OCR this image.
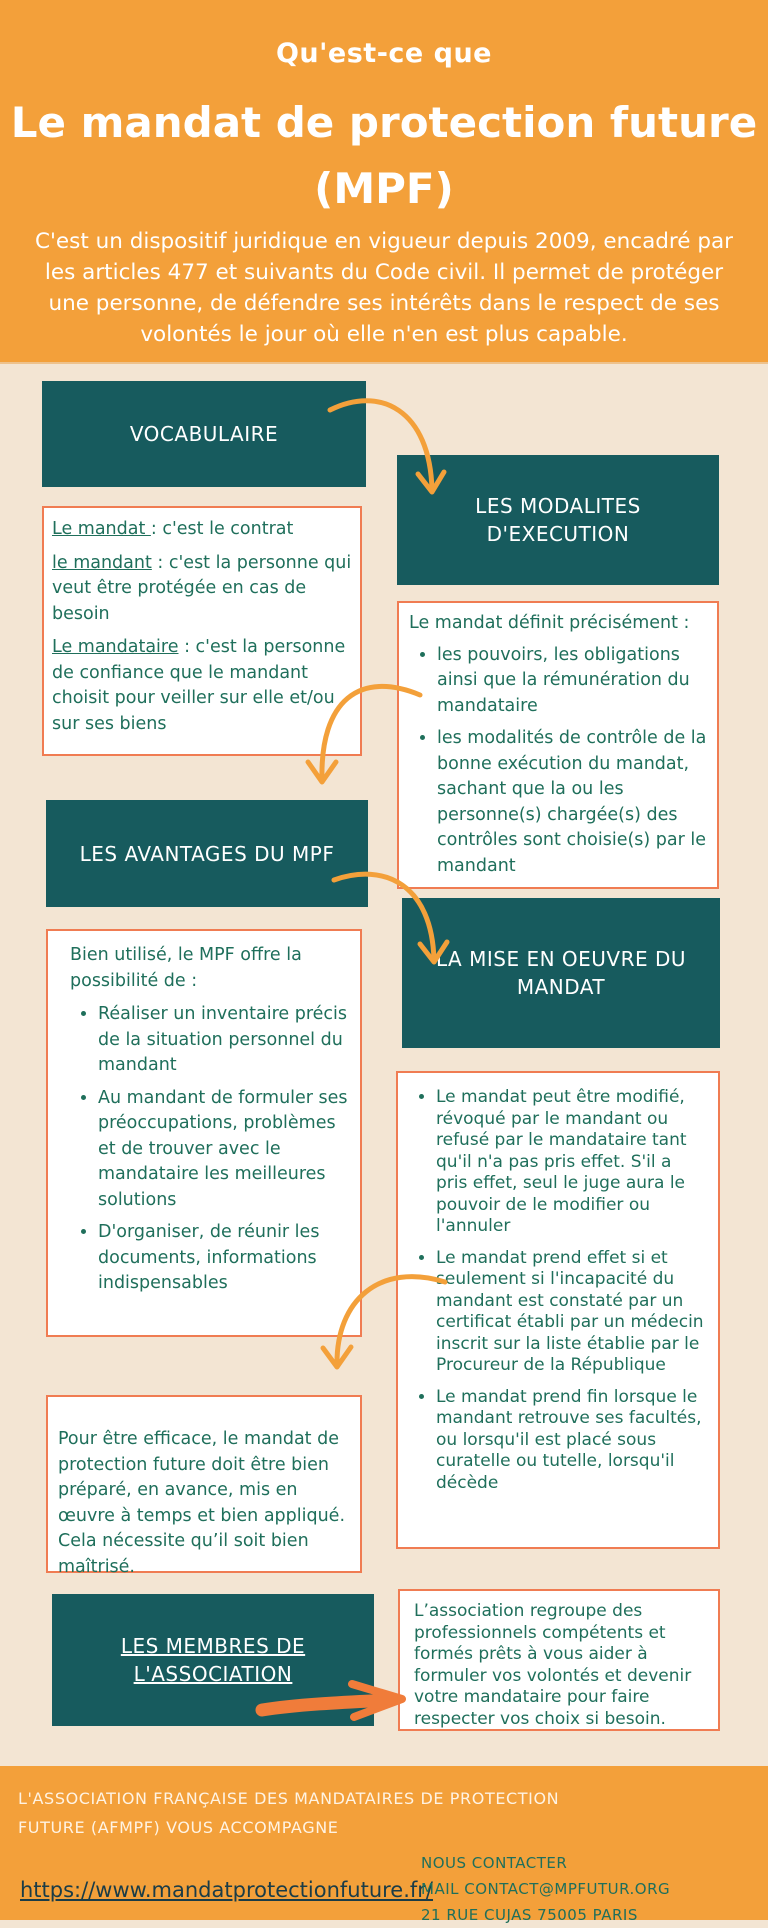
Qu'est-ce que
Le mandat de protection future (MPF)
C'est un dispositif juridique en vigueur depuis 2009, encadré par les articles 477 et suivants du Code civil. Il permet de protéger une personne, de défendre ses intérêts dans le respect de ses volontés le jour où elle n'en est plus capable.
VOCABULAIRE

Le mandat : c'est le contrat

le mandant : c'est la personne qui veut être protégée en cas de besoin

Le mandataire : c'est la personne de confiance que le mandant choisit pour veiller sur elle et/ou sur ses biens

LES MODALITES D'EXECUTION

Le mandat définit précisément :

• les pouvoirs, les obligations ainsi que la rémunération du mandataire
• les modalités de contrôle de la bonne exécution du mandat, sachant que la ou les personne(s) chargée(s) des contrôles sont choisie(s) par le mandant
LES AVANTAGES DU MPF

Bien utilisé, le MPF offre la possibilité de :

• Réaliser un inventaire précis de la situation personnel du mandant
• Au mandant de formuler ses préoccupations, problèmes et de trouver avec le mandataire les meilleures solutions
• D'organiser, de réunir les documents, informations indispensables
LA MISE EN OEUVRE DU MANDAT
• Le mandat peut être modifié, révoqué par le mandant ou refusé par le mandataire tant qu'il n'a pas pris effet. S'il a pris effet, seul le juge aura le pouvoir de le modifier ou l'annuler
• Le mandat prend effet si et seulement si l'incapacité du mandant est constaté par un certificat établi par un médecin inscrit sur la liste établie par le Procureur de la République
• Le mandat prend fin lorsque le mandant retrouve ses facultés, ou lorsqu'il est placé sous curatelle ou tutelle, lorsqu'il décède

Pour être efficace, le mandat de protection future doit être bien préparé, en avance, mis en œuvre à temps et bien appliqué. Cela nécessite qu’il soit bien maîtrisé.

LES MEMBRES DE L'ASSOCIATION

L’association regroupe des professionnels compétents et formés prêts à vous aider à formuler vos volontés et devenir votre mandataire pour faire respecter vos choix si besoin.

L'ASSOCIATION FRANÇAISE DES MANDATAIRES DE PROTECTION FUTURE (AFMPF) VOUS ACCOMPAGNE
https://www.mandatprotectionfuture.fr/
NOUS CONTACTER
MAIL CONTACT@MPFUTUR.ORG
21 RUE CUJAS 75005 PARIS
